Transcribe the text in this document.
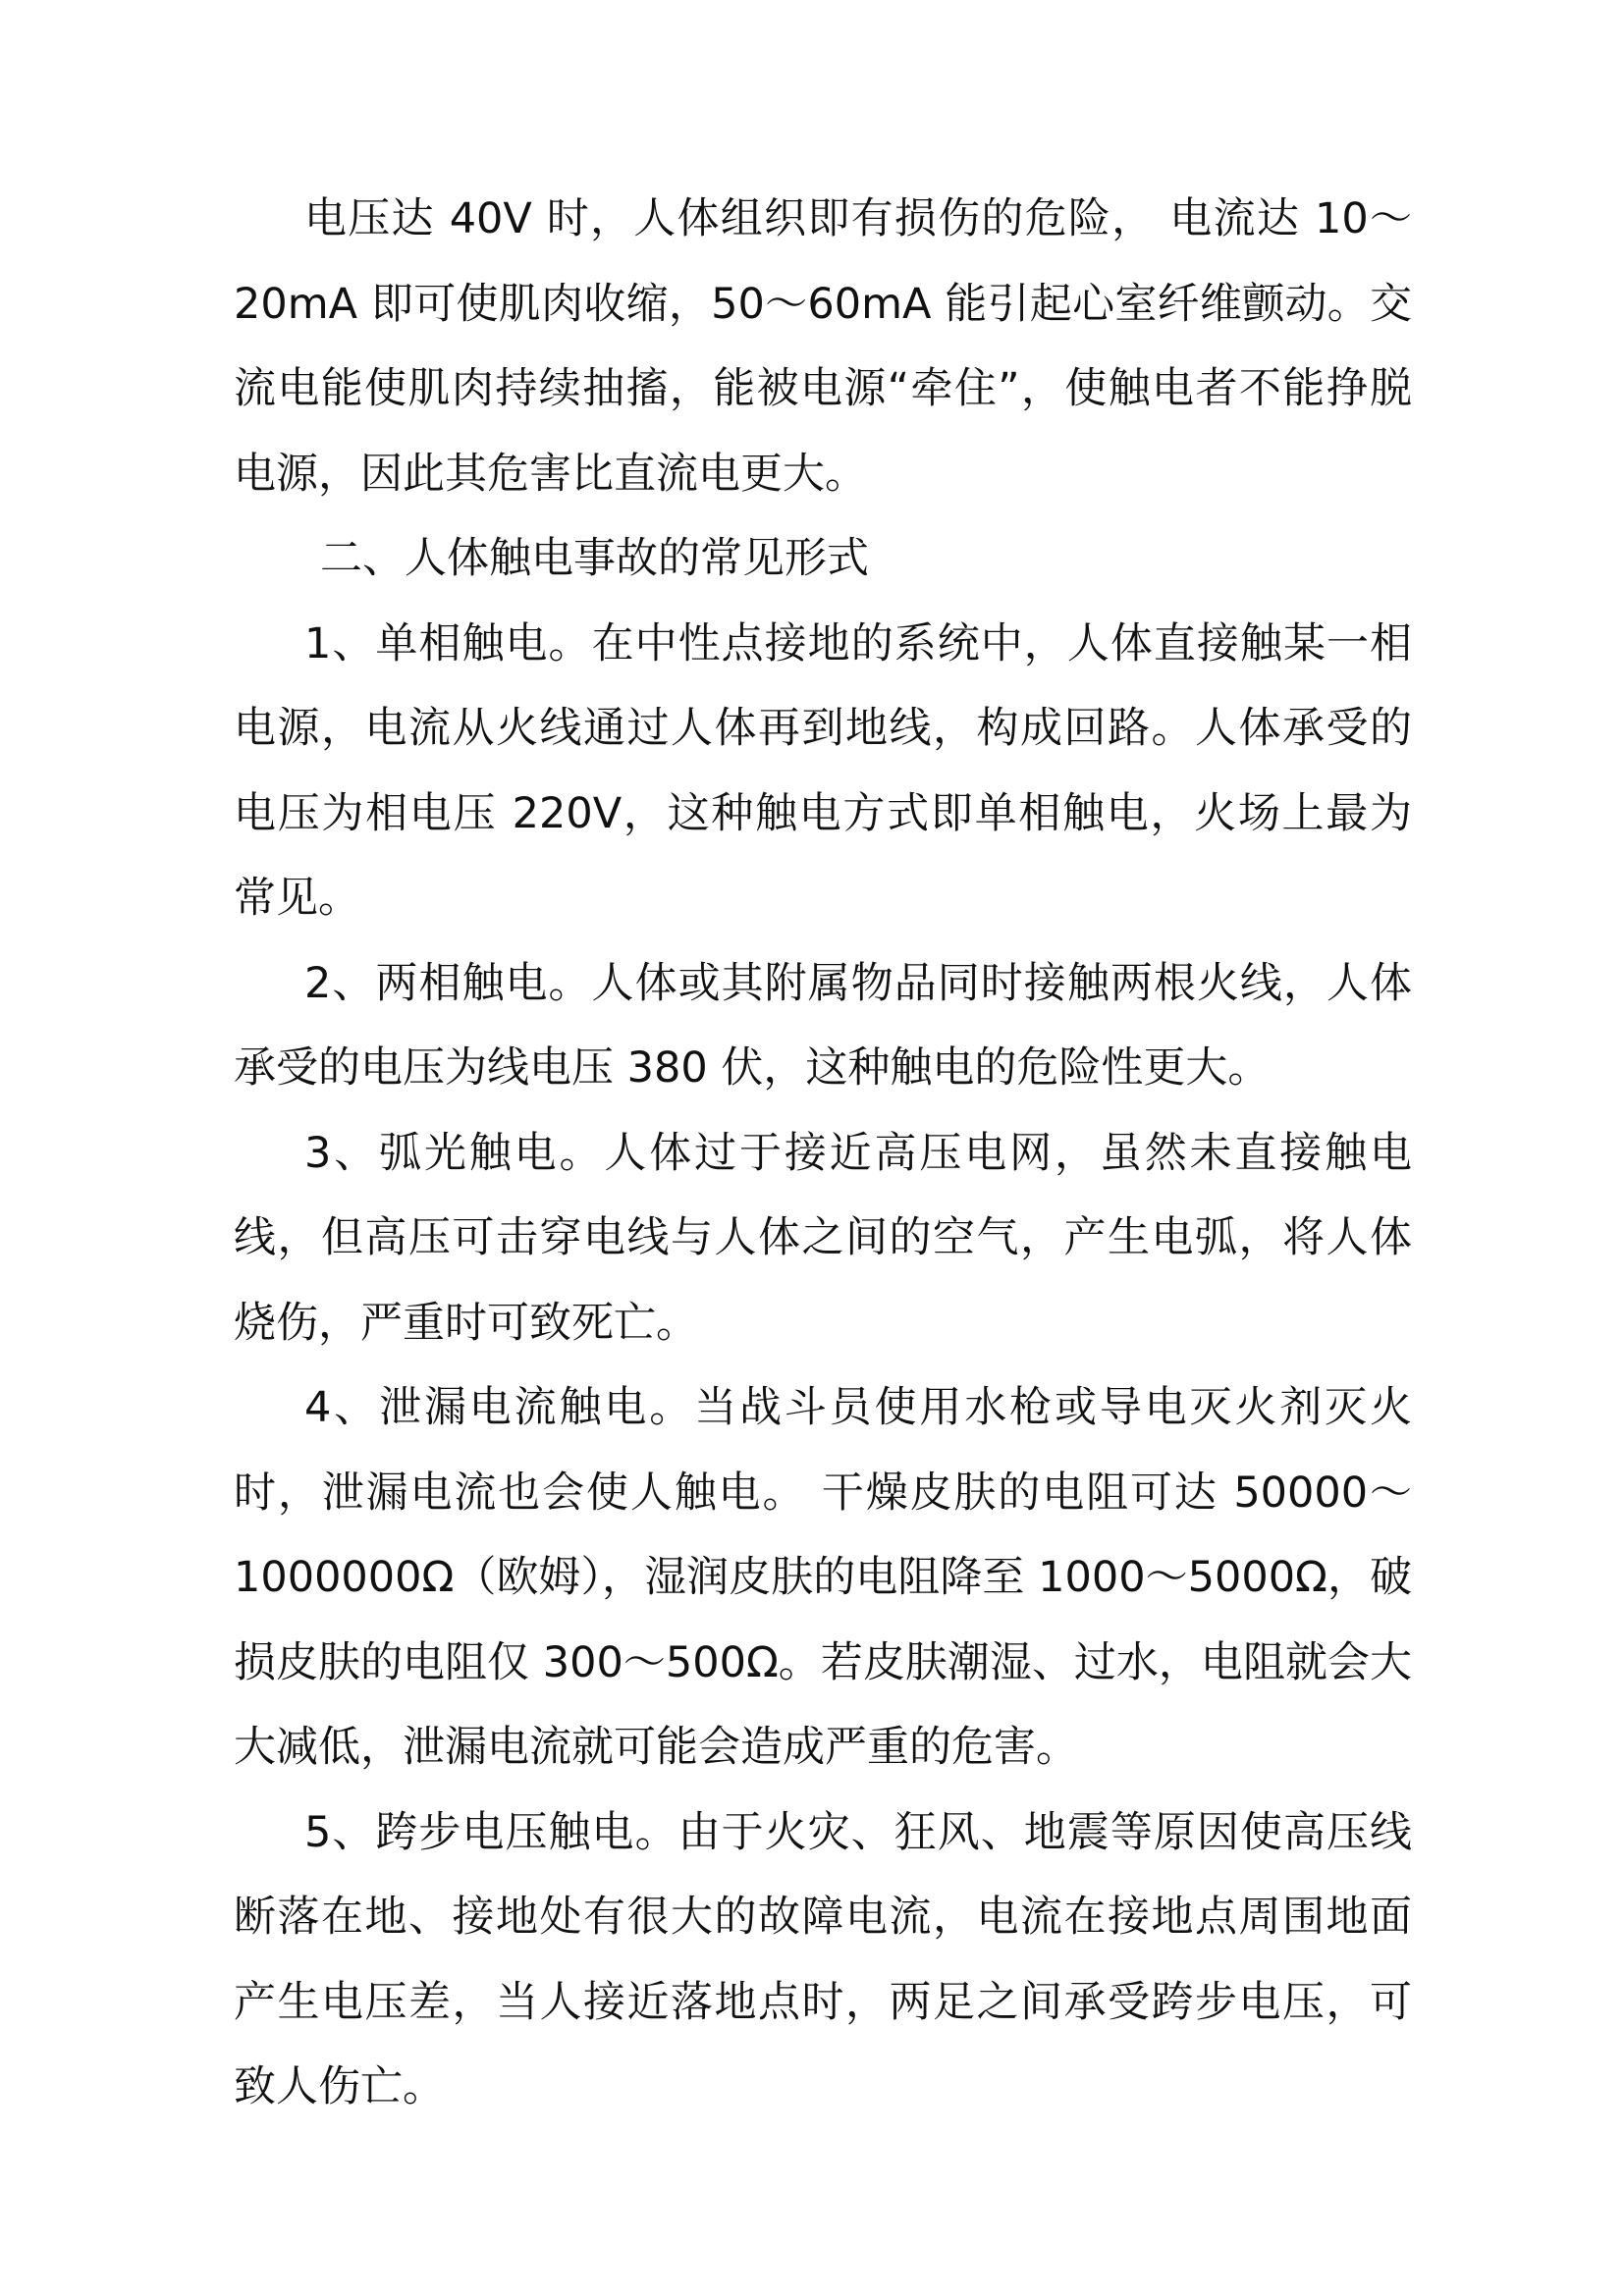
电压达 40V 时，人体组织即有损伤的危险， 电流达 10～20mA 即可使肌肉收缩，50～60mA 能引起心室纤维颤动。交流电能使肌肉持续抽搐，能被电源“牵住”，使触电者不能挣脱电源，因此其危害比直流电更大。

二、人体触电事故的常见形式

1、单相触电。在中性点接地的系统中，人体直接触某一相电源，电流从火线通过人体再到地线，构成回路。人体承受的电压为相电压 220V，这种触电方式即单相触电，火场上最为常见。

2、两相触电。人体或其附属物品同时接触两根火线，人体承受的电压为线电压 380 伏，这种触电的危险性更大。

3、弧光触电。人体过于接近高压电网，虽然未直接触电线，但高压可击穿电线与人体之间的空气，产生电弧，将人体烧伤，严重时可致死亡。

4、泄漏电流触电。当战斗员使用水枪或导电灭火剂灭火时，泄漏电流也会使人触电。 干燥皮肤的电阻可达 50000～1000000Ω（欧姆），湿润皮肤的电阻降至 1000～5000Ω，破损皮肤的电阻仅 300～500Ω。若皮肤潮湿、过水，电阻就会大大减低，泄漏电流就可能会造成严重的危害。

5、跨步电压触电。由于火灾、狂风、地震等原因使高压线断落在地、接地处有很大的故障电流，电流在接地点周围地面产生电压差，当人接近落地点时，两足之间承受跨步电压，可致人伤亡。
